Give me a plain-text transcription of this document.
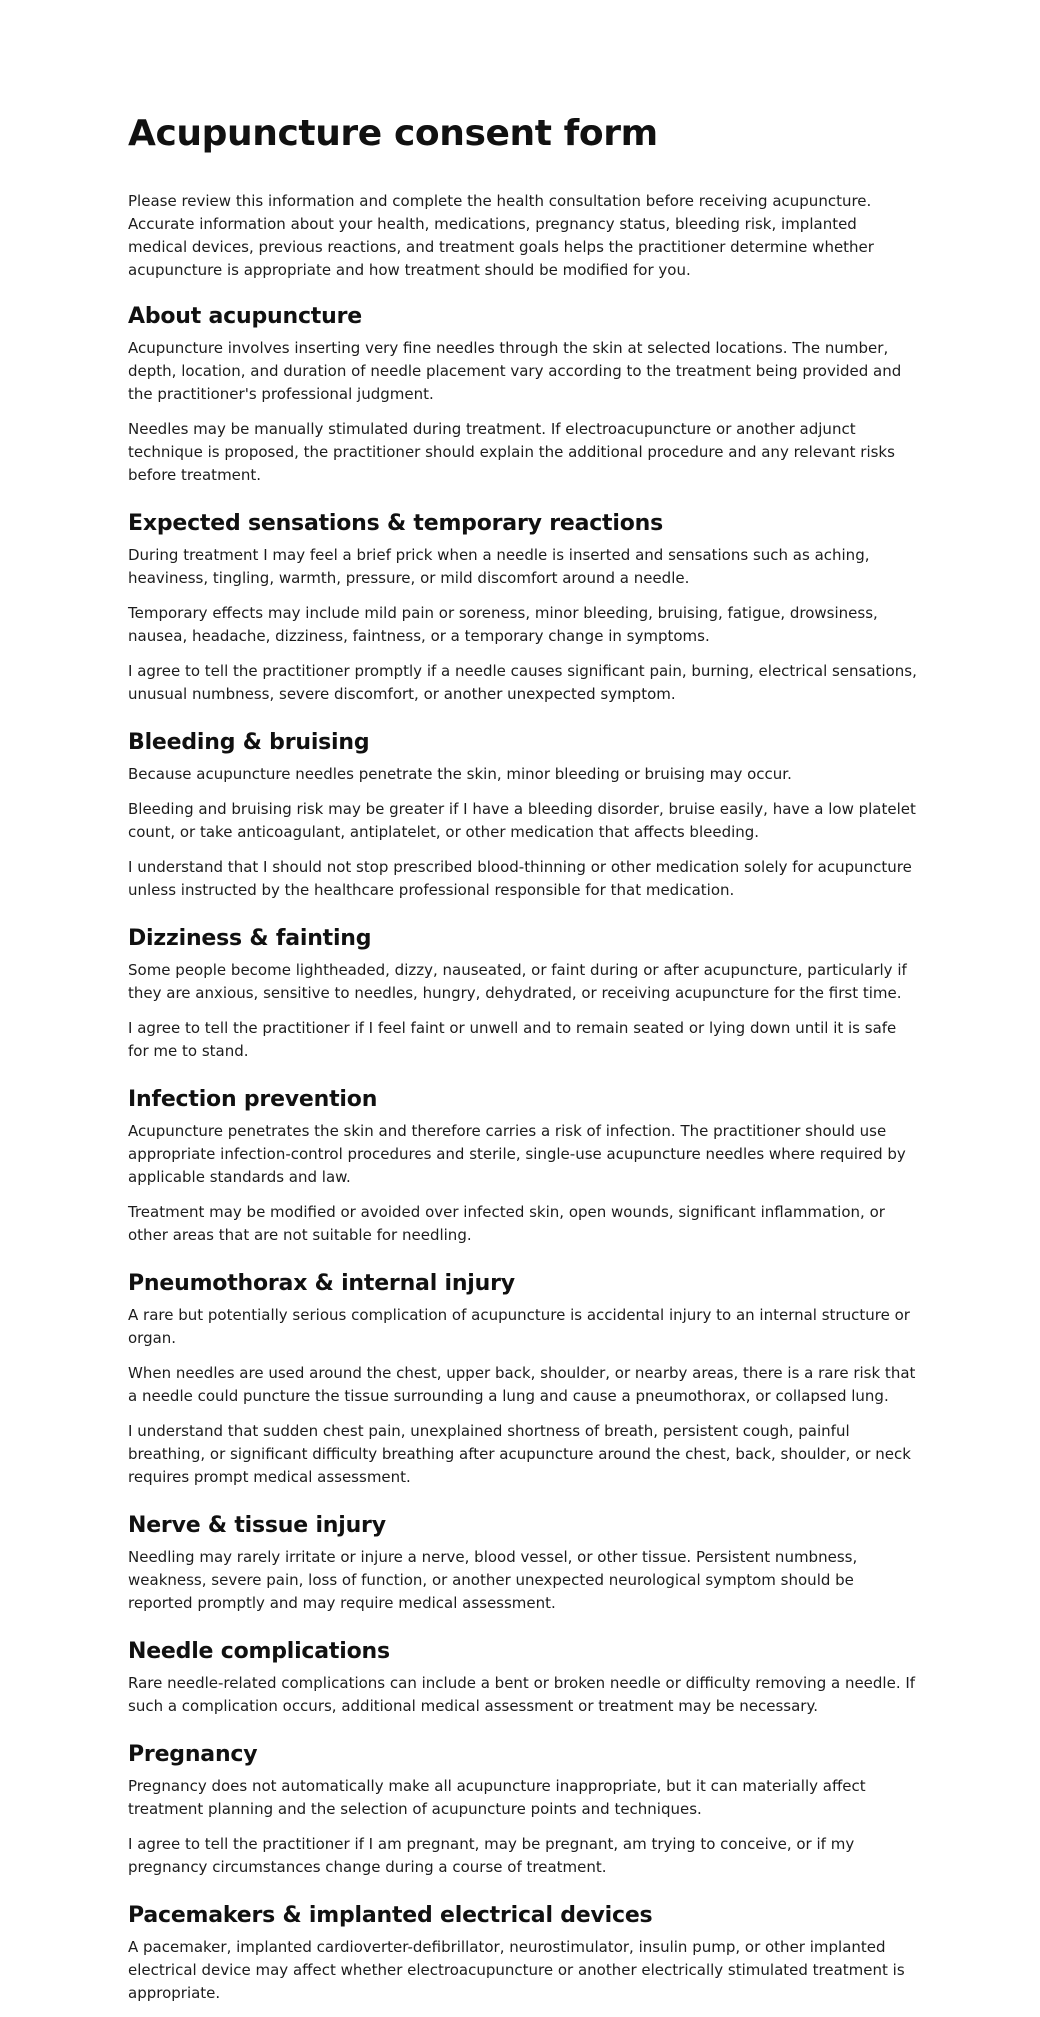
Acupuncture consent form

Please review this information and complete the health consultation before receiving acupuncture. Accurate information about your health, medications, pregnancy status, bleeding risk, implanted medical devices, previous reactions, and treatment goals helps the practitioner determine whether acupuncture is appropriate and how treatment should be modified for you.

About acupuncture

Acupuncture involves inserting very fine needles through the skin at selected locations. The number, depth, location, and duration of needle placement vary according to the treatment being provided and the practitioner's professional judgment.

Needles may be manually stimulated during treatment. If electroacupuncture or another adjunct technique is proposed, the practitioner should explain the additional procedure and any relevant risks before treatment.

Expected sensations & temporary reactions

During treatment I may feel a brief prick when a needle is inserted and sensations such as aching, heaviness, tingling, warmth, pressure, or mild discomfort around a needle.

Temporary effects may include mild pain or soreness, minor bleeding, bruising, fatigue, drowsiness, nausea, headache, dizziness, faintness, or a temporary change in symptoms.

I agree to tell the practitioner promptly if a needle causes significant pain, burning, electrical sensations, unusual numbness, severe discomfort, or another unexpected symptom.

Bleeding & bruising

Because acupuncture needles penetrate the skin, minor bleeding or bruising may occur.

Bleeding and bruising risk may be greater if I have a bleeding disorder, bruise easily, have a low platelet count, or take anticoagulant, antiplatelet, or other medication that affects bleeding.

I understand that I should not stop prescribed blood-thinning or other medication solely for acupuncture unless instructed by the healthcare professional responsible for that medication.

Dizziness & fainting

Some people become lightheaded, dizzy, nauseated, or faint during or after acupuncture, particularly if they are anxious, sensitive to needles, hungry, dehydrated, or receiving acupuncture for the first time.

I agree to tell the practitioner if I feel faint or unwell and to remain seated or lying down until it is safe for me to stand.

Infection prevention

Acupuncture penetrates the skin and therefore carries a risk of infection. The practitioner should use appropriate infection-control procedures and sterile, single-use acupuncture needles where required by applicable standards and law.

Treatment may be modified or avoided over infected skin, open wounds, significant inflammation, or other areas that are not suitable for needling.

Pneumothorax & internal injury

A rare but potentially serious complication of acupuncture is accidental injury to an internal structure or organ.

When needles are used around the chest, upper back, shoulder, or nearby areas, there is a rare risk that a needle could puncture the tissue surrounding a lung and cause a pneumothorax, or collapsed lung.

I understand that sudden chest pain, unexplained shortness of breath, persistent cough, painful breathing, or significant difficulty breathing after acupuncture around the chest, back, shoulder, or neck requires prompt medical assessment.

Nerve & tissue injury

Needling may rarely irritate or injure a nerve, blood vessel, or other tissue. Persistent numbness, weakness, severe pain, loss of function, or another unexpected neurological symptom should be reported promptly and may require medical assessment.

Needle complications

Rare needle-related complications can include a bent or broken needle or difficulty removing a needle. If such a complication occurs, additional medical assessment or treatment may be necessary.

Pregnancy

Pregnancy does not automatically make all acupuncture inappropriate, but it can materially affect treatment planning and the selection of acupuncture points and techniques.

I agree to tell the practitioner if I am pregnant, may be pregnant, am trying to conceive, or if my pregnancy circumstances change during a course of treatment.

Pacemakers & implanted electrical devices

A pacemaker, implanted cardioverter-defibrillator, neurostimulator, insulin pump, or other implanted electrical device may affect whether electroacupuncture or another electrically stimulated treatment is appropriate.
